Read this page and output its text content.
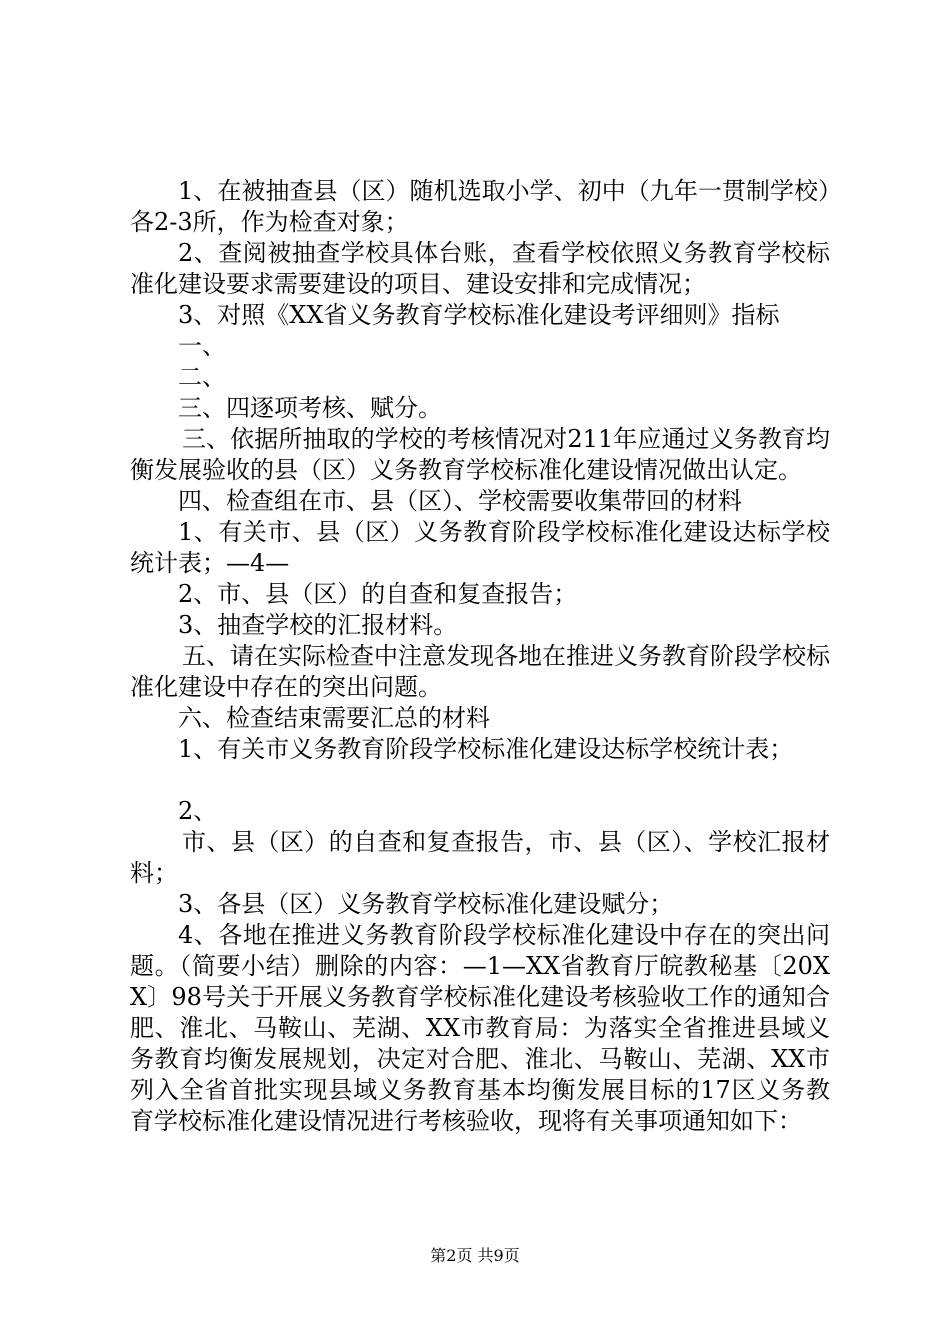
1、在被抽查县（区）随机选取小学、初中（九年一贯制学校）各2-3所，作为检查对象；

2、查阅被抽查学校具体台账，查看学校依照义务教育学校标准化建设要求需要建设的项目、建设安排和完成情况；

3、对照《XX省义务教育学校标准化建设考评细则》指标

一、

二、

三、四逐项考核、赋分。

三、依据所抽取的学校的考核情况对211年应通过义务教育均衡发展验收的县（区）义务教育学校标准化建设情况做出认定。

四、检查组在市、县（区）、学校需要收集带回的材料

1、有关市、县（区）义务教育阶段学校标准化建设达标学校统计表；—4—

2、市、县（区）的自查和复查报告；

3、抽查学校的汇报材料。

五、请在实际检查中注意发现各地在推进义务教育阶段学校标准化建设中存在的突出问题。

六、检查结束需要汇总的材料

1、有关市义务教育阶段学校标准化建设达标学校统计表；

2、

市、县（区）的自查和复查报告，市、县（区）、学校汇报材料；

3、各县（区）义务教育学校标准化建设赋分；

4、各地在推进义务教育阶段学校标准化建设中存在的突出问题。（简要小结）删除的内容：—1—XX省教育厅皖教秘基〔20XX〕98号关于开展义务教育学校标准化建设考核验收工作的通知合肥、淮北、马鞍山、芜湖、XX市教育局：为落实全省推进县域义务教育均衡发展规划，决定对合肥、淮北、马鞍山、芜湖、XX市列入全省首批实现县域义务教育基本均衡发展目标的17区义务教育学校标准化建设情况进行考核验收，现将有关事项通知如下：

第2页 共9页
